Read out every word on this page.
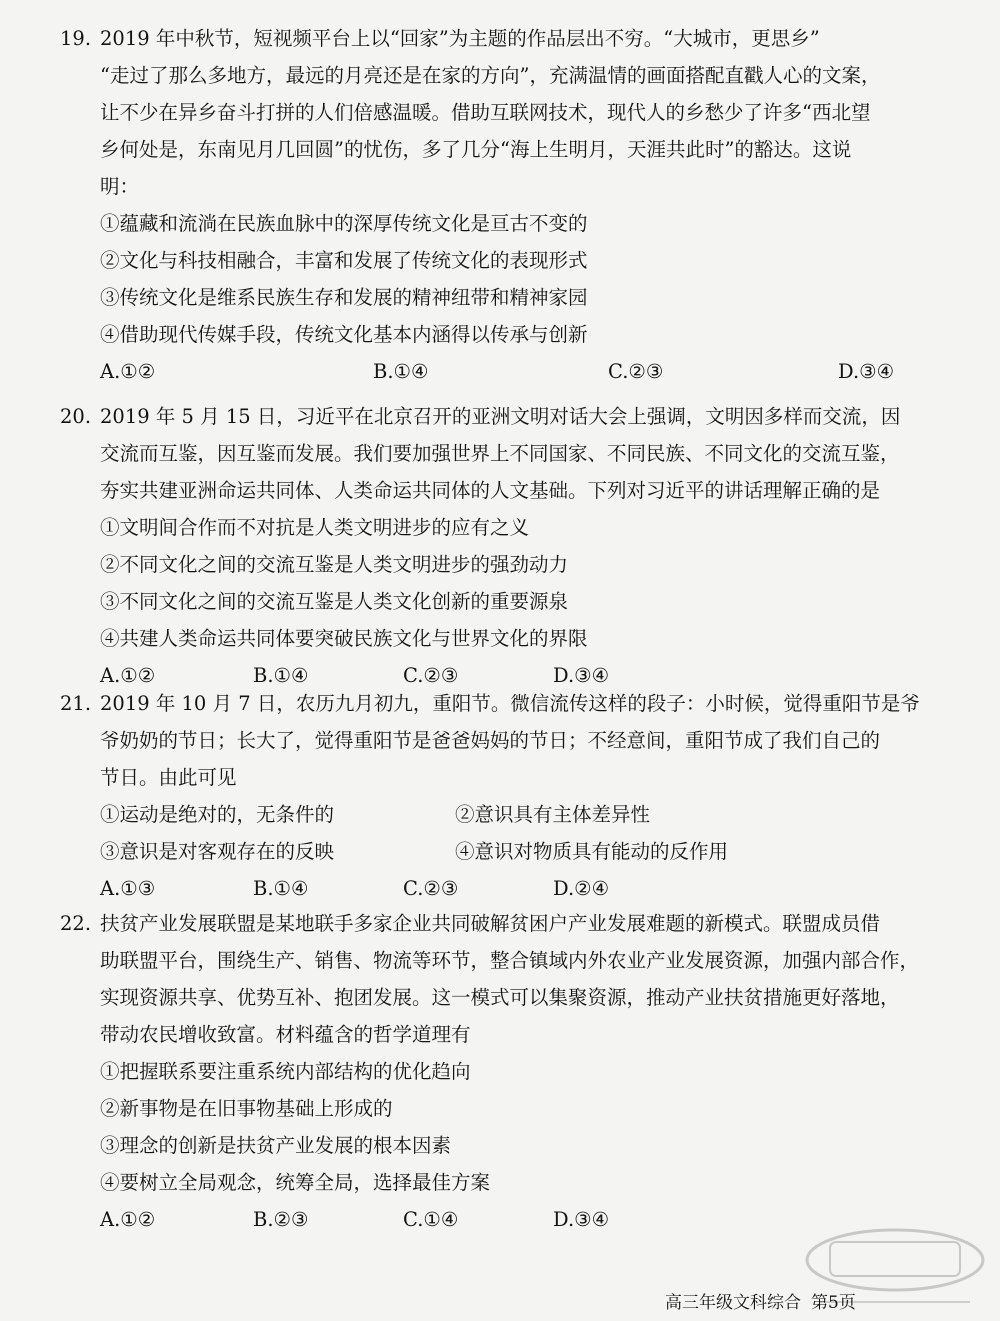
19. 2019 年中秋节，短视频平台上以“回家”为主题的作品层出不穷。“大城市，更思乡”
“走过了那么多地方，最远的月亮还是在家的方向”，充满温情的画面搭配直戳人心的文案，
让不少在异乡奋斗打拼的人们倍感温暖。借助互联网技术，现代人的乡愁少了许多“西北望
乡何处是，东南见月几回圆”的忧伤，多了几分“海上生明月，天涯共此时”的豁达。这说
明：
①蕴藏和流淌在民族血脉中的深厚传统文化是亘古不变的
②文化与科技相融合，丰富和发展了传统文化的表现形式
③传统文化是维系民族生存和发展的精神纽带和精神家园
④借助现代传媒手段，传统文化基本内涵得以传承与创新
A.①②	B.①④	C.②③	D.③④
20. 2019 年 5 月 15 日，习近平在北京召开的亚洲文明对话大会上强调，文明因多样而交流，因
交流而互鉴，因互鉴而发展。我们要加强世界上不同国家、不同民族、不同文化的交流互鉴，
夯实共建亚洲命运共同体、人类命运共同体的人文基础。下列对习近平的讲话理解正确的是
①文明间合作而不对抗是人类文明进步的应有之义
②不同文化之间的交流互鉴是人类文明进步的强劲动力
③不同文化之间的交流互鉴是人类文化创新的重要源泉
④共建人类命运共同体要突破民族文化与世界文化的界限
A.①②	B.①④	C.②③	D.③④
21. 2019 年 10 月 7 日，农历九月初九，重阳节。微信流传这样的段子：小时候，觉得重阳节是爷
爷奶奶的节日；长大了，觉得重阳节是爸爸妈妈的节日；不经意间，重阳节成了我们自己的
节日。由此可见
①运动是绝对的，无条件的	②意识具有主体差异性
③意识是对客观存在的反映	④意识对物质具有能动的反作用
A.①③	B.①④	C.②③	D.②④
22. 扶贫产业发展联盟是某地联手多家企业共同破解贫困户产业发展难题的新模式。联盟成员借
助联盟平台，围绕生产、销售、物流等环节，整合镇域内外农业产业发展资源，加强内部合作，
实现资源共享、优势互补、抱团发展。这一模式可以集聚资源，推动产业扶贫措施更好落地，
带动农民增收致富。材料蕴含的哲学道理有
①把握联系要注重系统内部结构的优化趋向
②新事物是在旧事物基础上形成的
③理念的创新是扶贫产业发展的根本因素
④要树立全局观念，统筹全局，选择最佳方案
A.①②	B.②③	C.①④	D.③④
高三年级文科综合 第5页
